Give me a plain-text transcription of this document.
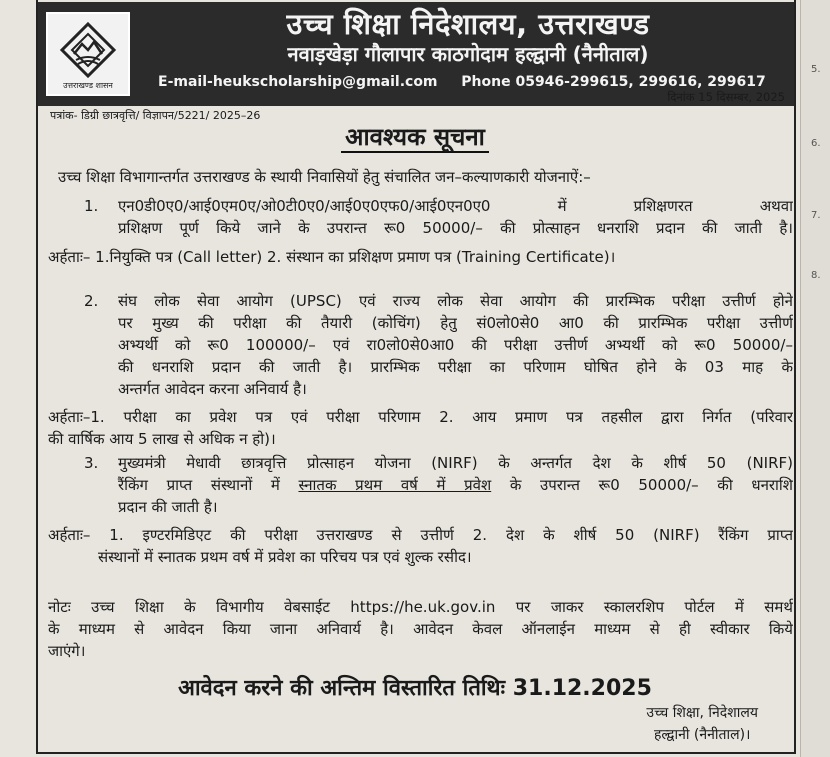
5.
6.
7.
8.
उत्तराखण्ड शासन
उच्च शिक्षा निदेशालय, उत्तराखण्ड
नवाड़खेड़ा गौलापार काठगोदाम हल्द्वानी (नैनीताल)
E-mail-heukscholarship@gmail.com Phone 05946-299615, 299616, 299617
पत्रांक- डिग्री छात्रवृत्ति/ विज्ञापन/5221/ 2025–26
दिनांक 15 दिसम्बर, 2025
आवश्यक सूचना
उच्च शिक्षा विभागान्तर्गत उत्तराखण्ड के स्थायी निवासियों हेतु संचालित जन–कल्याणकारी योजनाऐं:–
1. एन0डी0ए0/आई0एम0ए/ओ0टी0ए0/आई0ए0एफ0/आई0एन0ए0 में प्रशिक्षणरत अथवा
प्रशिक्षण पूर्ण किये जाने के उपरान्त रू0 50000/– की प्रोत्साहन धनराशि प्रदान की जाती है।
अर्हताः– 1.नियुक्ति पत्र (Call letter) 2. संस्थान का प्रशिक्षण प्रमाण पत्र (Training Certificate)।
2. संघ लोक सेवा आयोग (UPSC) एवं राज्य लोक सेवा आयोग की प्रारम्भिक परीक्षा उत्तीर्ण होने
पर मुख्य की परीक्षा की तैयारी (कोचिंग) हेतु सं0लो0से0 आ0 की प्रारम्भिक परीक्षा उत्तीर्ण
अभ्यर्थी को रू0 100000/– एवं रा0लो0से0आ0 की परीक्षा उत्तीर्ण अभ्यर्थी को रू0 50000/–
की धनराशि प्रदान की जाती है। प्रारम्भिक परीक्षा का परिणाम घोषित होने के 03 माह के
अन्तर्गत आवेदन करना अनिवार्य है।
अर्हताः–1. परीक्षा का प्रवेश पत्र एवं परीक्षा परिणाम 2. आय प्रमाण पत्र तहसील द्वारा निर्गत (परिवार
की वार्षिक आय 5 लाख से अधिक न हो)।
3. मुख्यमंत्री मेधावी छात्रवृत्ति प्रोत्साहन योजना (NIRF) के अन्तर्गत देश के शीर्ष 50 (NIRF)
रैंकिंग प्राप्त संस्थानों में स्नातक प्रथम वर्ष में प्रवेश के उपरान्त रू0 50000/– की धनराशि
प्रदान की जाती है।
अर्हताः– 1. इण्टरमिडिएट की परीक्षा उत्तराखण्ड से उत्तीर्ण 2. देश के शीर्ष 50 (NIRF) रैंकिंग प्राप्त
संस्थानों में स्नातक प्रथम वर्ष में प्रवेश का परिचय पत्र एवं शुल्क रसीद।
नोटः उच्च शिक्षा के विभागीय वेबसाईट https://he.uk.gov.in पर जाकर स्कालरशिप पोर्टल में समर्थ
के माध्यम से आवेदन किया जाना अनिवार्य है। आवेदन केवल ऑनलाईन माध्यम से ही स्वीकार किये
जाएंगे।
आवेदन करने की अन्तिम विस्तारित तिथिः 31.12.2025
उच्च शिक्षा, निदेशालय
हल्द्वानी (नैनीताल)।
